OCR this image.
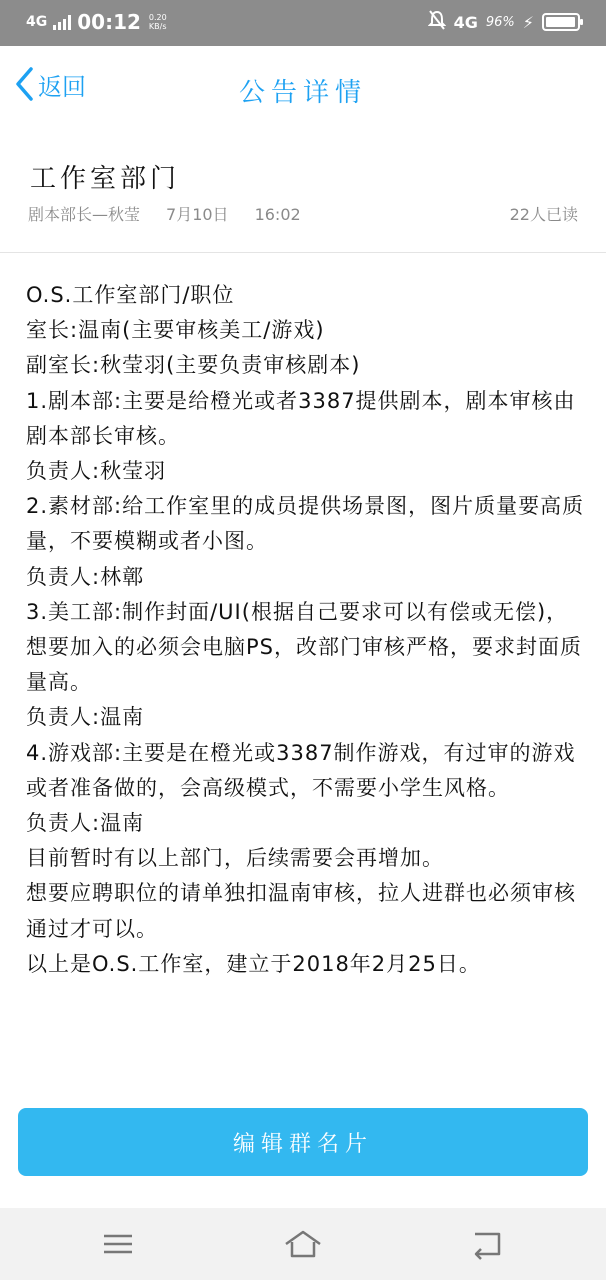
4G 00:12 0.20
KB/s	4G 96% ⚡
返回	公告详情
工作室部门
剧本部长—秋莹 7月10日 16:02	22人已读
O.S.工作室部门/职位
室长:温南(主要审核美工/游戏)
副室长:秋莹羽(主要负责审核剧本)
1.剧本部:主要是给橙光或者3387提供剧本，剧本审核由剧本部长审核。
负责人:秋莹羽
2.素材部:给工作室里的成员提供场景图，图片质量要高质量，不要模糊或者小图。
负责人:林鄣
3.美工部:制作封面/UI(根据自己要求可以有偿或无偿)，想要加入的必须会电脑PS，改部门审核严格，要求封面质量高。
负责人:温南
4.游戏部:主要是在橙光或3387制作游戏，有过审的游戏或者准备做的，会高级模式，不需要小学生风格。
负责人:温南
目前暂时有以上部门，后续需要会再增加。
想要应聘职位的请单独扣温南审核，拉人进群也必须审核通过才可以。
以上是O.S.工作室，建立于2018年2月25日。
编辑群名片
